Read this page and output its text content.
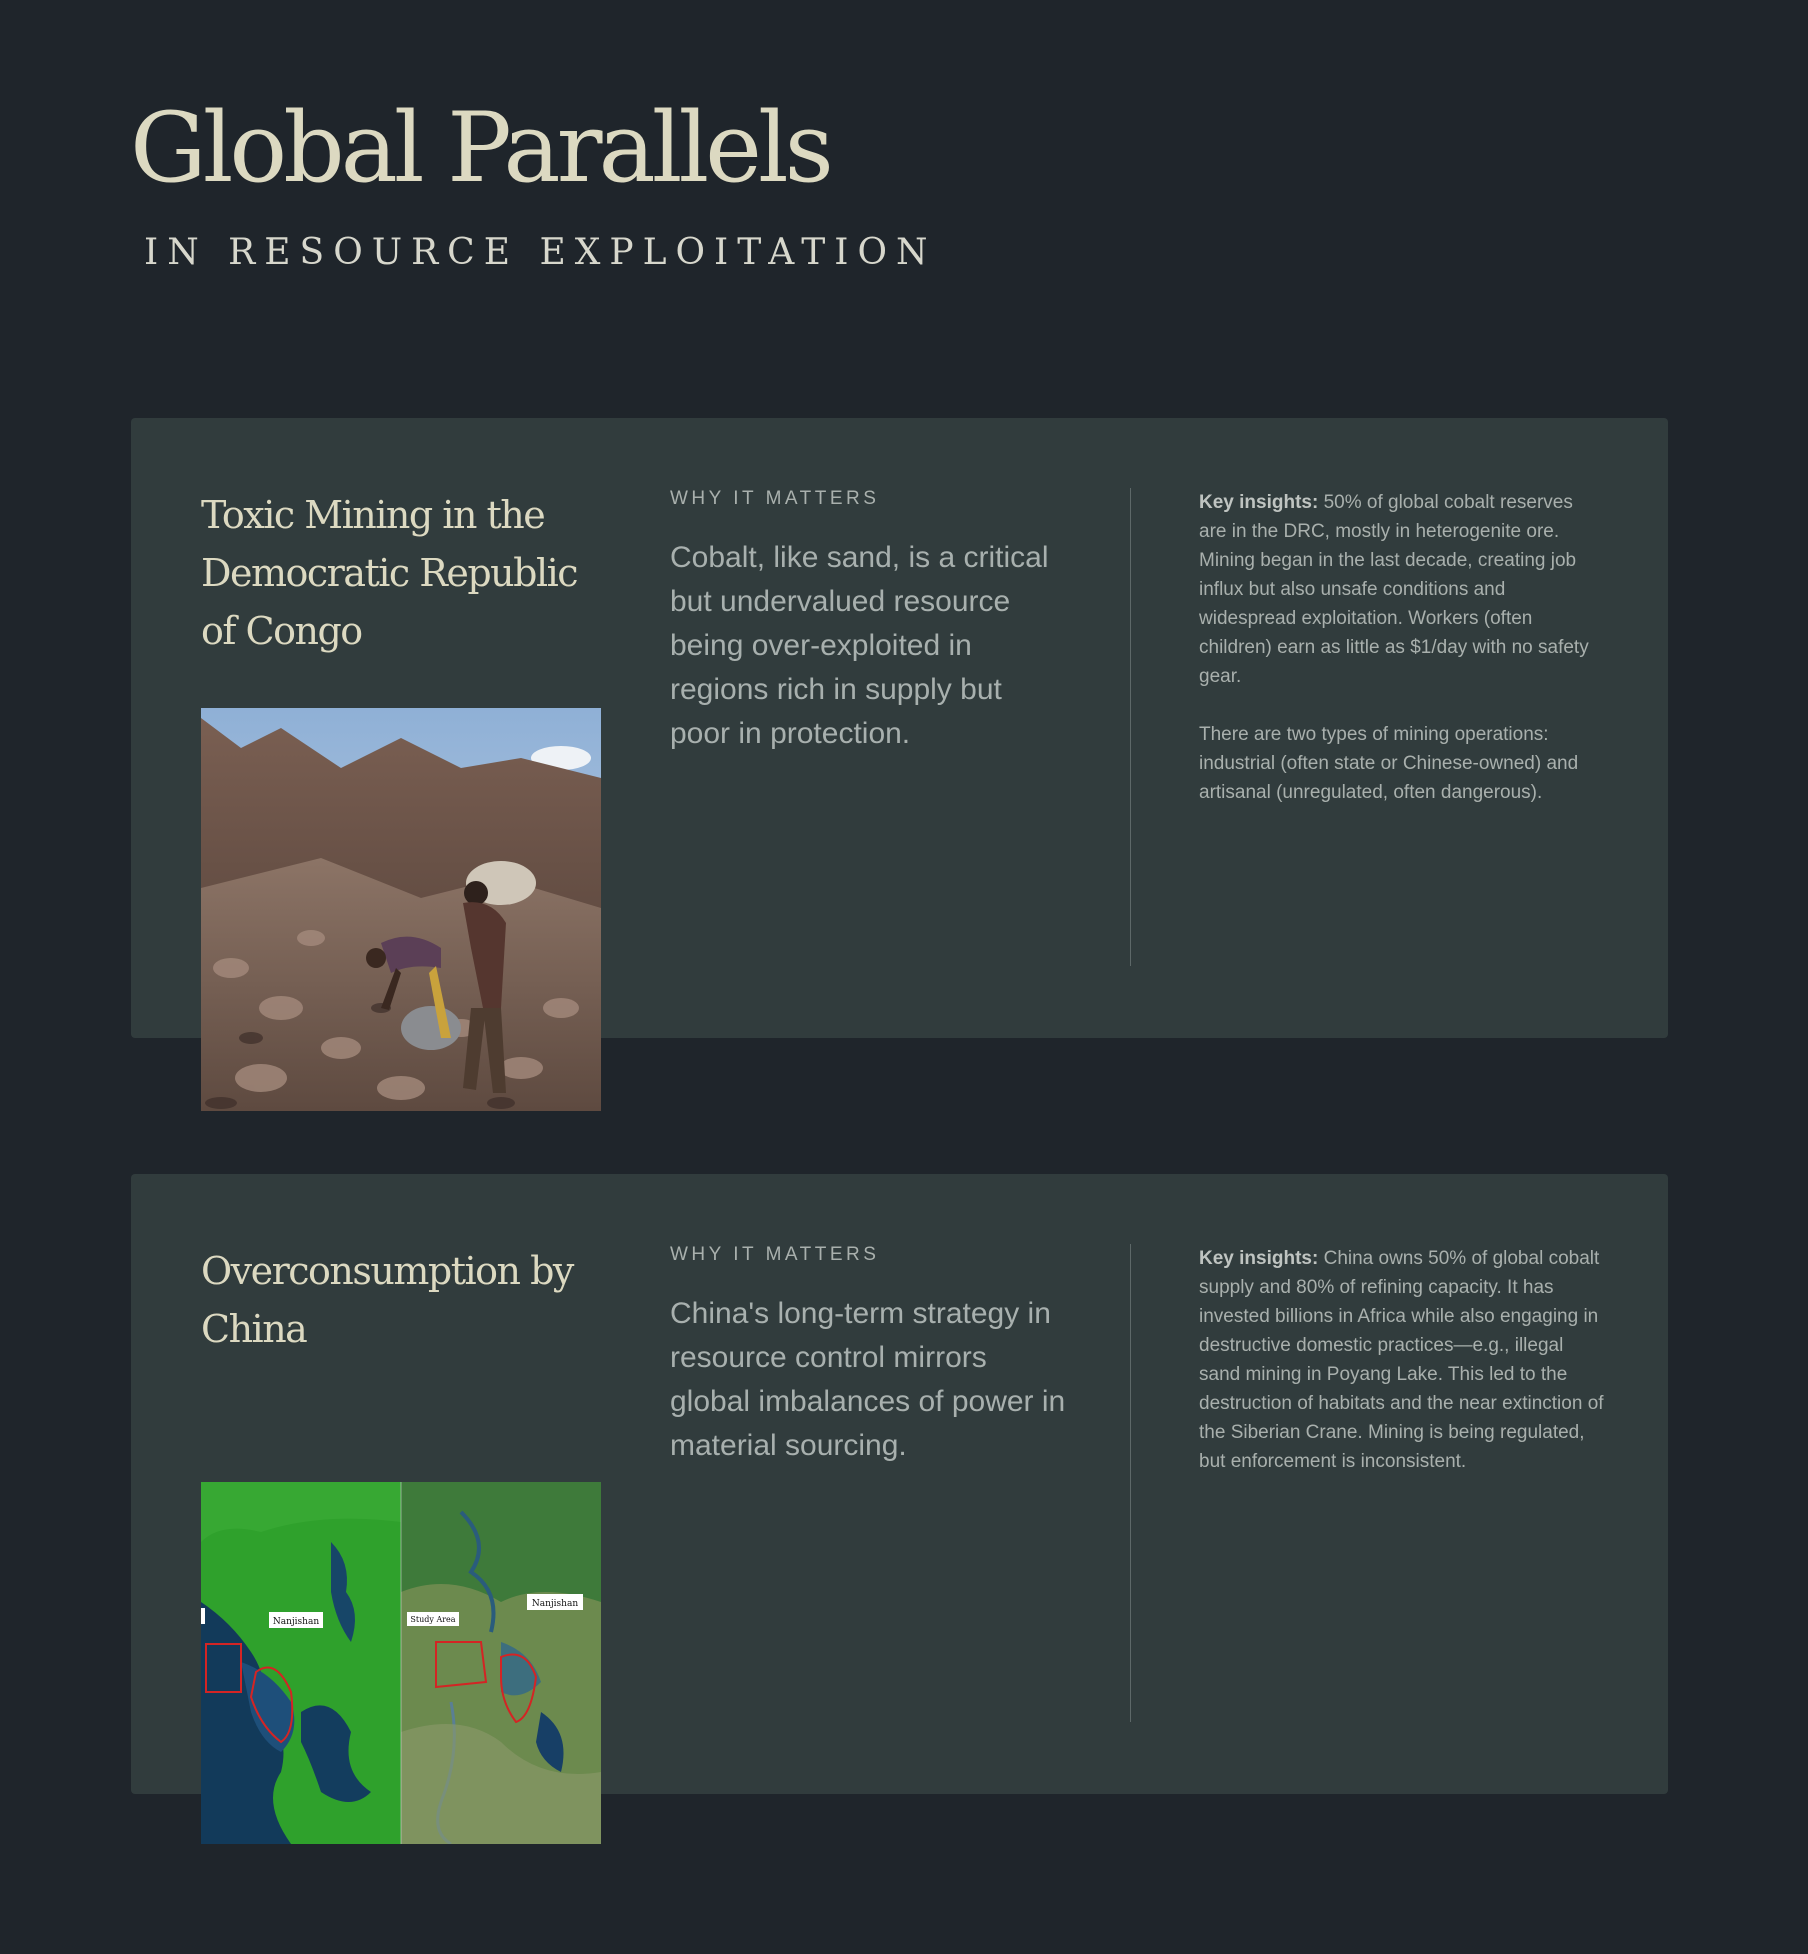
Global Parallels
IN RESOURCE EXPLOITATION
Toxic Mining in the Democratic Republic of Congo
WHY IT MATTERS

Cobalt, like sand, is a critical but undervalued resource being over-exploited in regions rich in supply but poor in protection.

Key insights: 50% of global cobalt reserves are in the DRC, mostly in heterogenite ore. Mining began in the last decade, creating job influx but also unsafe conditions and widespread exploitation. Workers (often children) earn as little as $1/day with no safety gear.

There are two types of mining operations: industrial (often state or Chinese-owned) and artisanal (unregulated, often dangerous).

Overconsumption by China
WHY IT MATTERS

China's long-term strategy in resource control mirrors global imbalances of power in material sourcing.

Key insights: China owns 50% of global cobalt supply and 80% of refining capacity. It has invested billions in Africa while also engaging in destructive domestic practices—e.g., illegal sand mining in Poyang Lake. This led to the destruction of habitats and the near extinction of the Siberian Crane. Mining is being regulated, but enforcement is inconsistent.

Nanjishan	Study Area
Nanjishan
